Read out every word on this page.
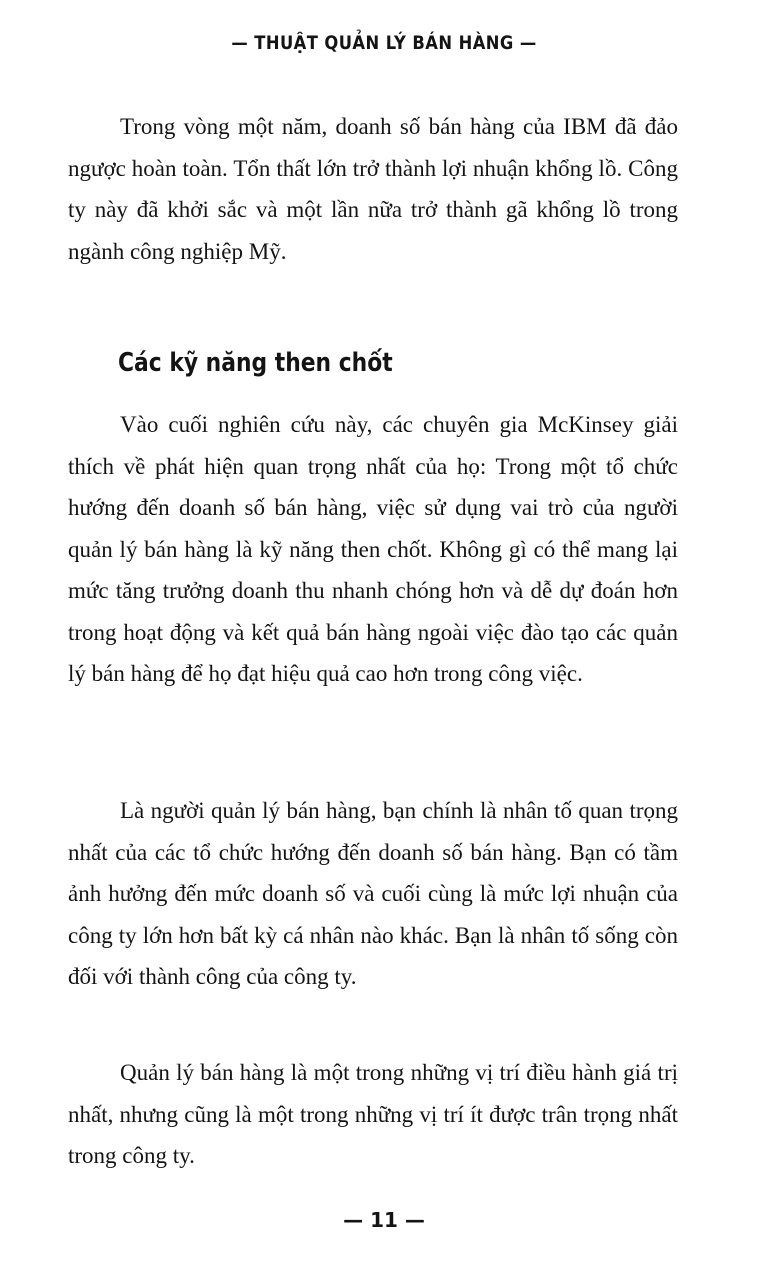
— THUẬT QUẢN LÝ BÁN HÀNG —

Trong vòng một năm, doanh số bán hàng của IBM đã đảo ngược hoàn toàn. Tổn thất lớn trở thành lợi nhuận khổng lồ. Công ty này đã khởi sắc và một lần nữa trở thành gã khổng lồ trong ngành công nghiệp Mỹ.

Các kỹ năng then chốt

Vào cuối nghiên cứu này, các chuyên gia McKinsey giải thích về phát hiện quan trọng nhất của họ: Trong một tổ chức hướng đến doanh số bán hàng, việc sử dụng vai trò của người quản lý bán hàng là kỹ năng then chốt. Không gì có thể mang lại mức tăng trưởng doanh thu nhanh chóng hơn và dễ dự đoán hơn trong hoạt động và kết quả bán hàng ngoài việc đào tạo các quản lý bán hàng để họ đạt hiệu quả cao hơn trong công việc.

Là người quản lý bán hàng, bạn chính là nhân tố quan trọng nhất của các tổ chức hướng đến doanh số bán hàng. Bạn có tầm ảnh hưởng đến mức doanh số và cuối cùng là mức lợi nhuận của công ty lớn hơn bất kỳ cá nhân nào khác. Bạn là nhân tố sống còn đối với thành công của công ty.

Quản lý bán hàng là một trong những vị trí điều hành giá trị nhất, nhưng cũng là một trong những vị trí ít được trân trọng nhất trong công ty.

— 11 —
